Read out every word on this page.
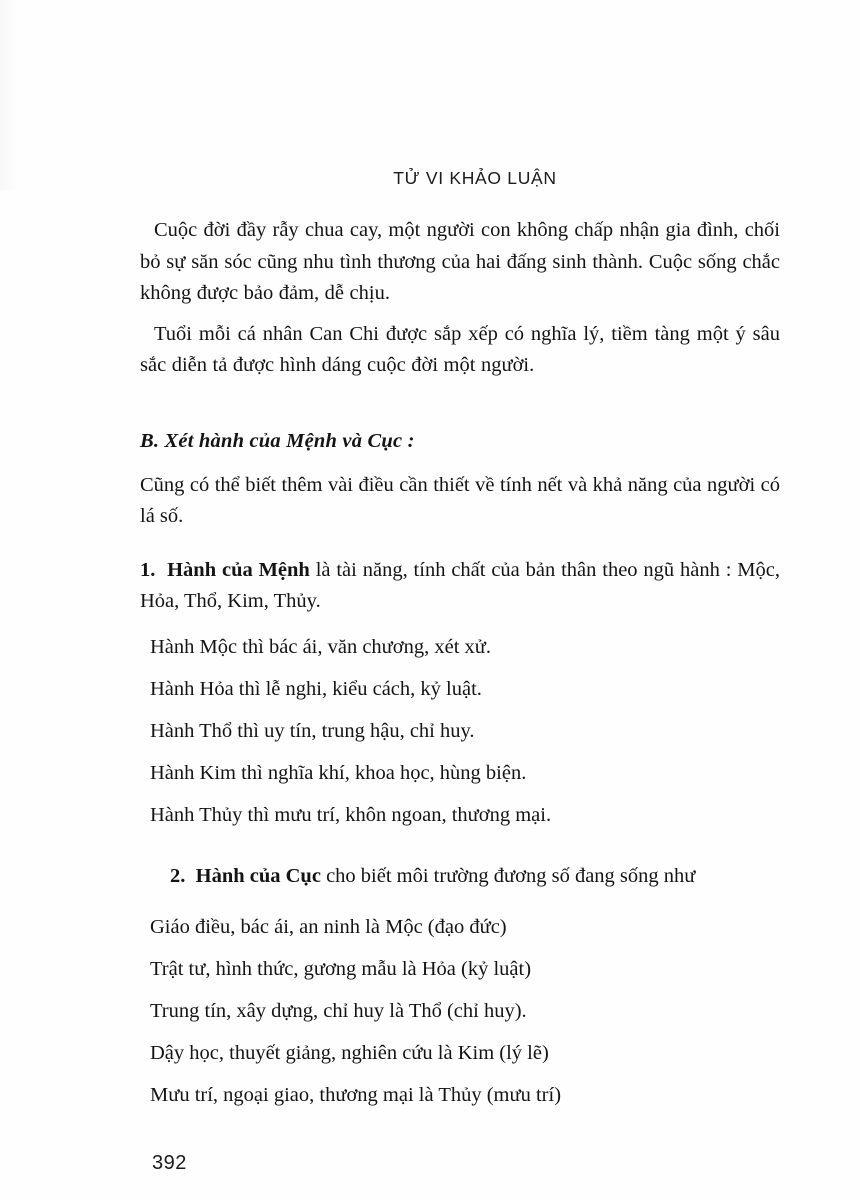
TỬ VI KHẢO LUẬN

Cuộc đời đầy rẫy chua cay, một người con không chấp nhận gia đình, chối bỏ sự săn sóc cũng nhu tình thương của hai đấng sinh thành. Cuộc sống chắc không được bảo đảm, dễ chịu.

Tuổi mỗi cá nhân Can Chi được sắp xếp có nghĩa lý, tiềm tàng một ý sâu sắc diễn tả được hình dáng cuộc đời một người.

B. Xét hành của Mệnh và Cục :

Cũng có thể biết thêm vài điều cần thiết về tính nết và khả năng của người có lá số.

1. Hành của Mệnh là tài năng, tính chất của bản thân theo ngũ hành : Mộc, Hỏa, Thổ, Kim, Thủy.

Hành Mộc thì bác ái, văn chương, xét xử.

Hành Hỏa thì lễ nghi, kiểu cách, kỷ luật.

Hành Thổ thì uy tín, trung hậu, chỉ huy.

Hành Kim thì nghĩa khí, khoa học, hùng biện.

Hành Thủy thì mưu trí, khôn ngoan, thương mại.

2. Hành của Cục cho biết môi trường đương số đang sống như

Giáo điều, bác ái, an ninh là Mộc (đạo đức)

Trật tư, hình thức, gương mẫu là Hỏa (kỷ luật)

Trung tín, xây dựng, chỉ huy là Thổ (chỉ huy).

Dậy học, thuyết giảng, nghiên cứu là Kim (lý lẽ)

Mưu trí, ngoại giao, thương mại là Thủy (mưu trí)

392
